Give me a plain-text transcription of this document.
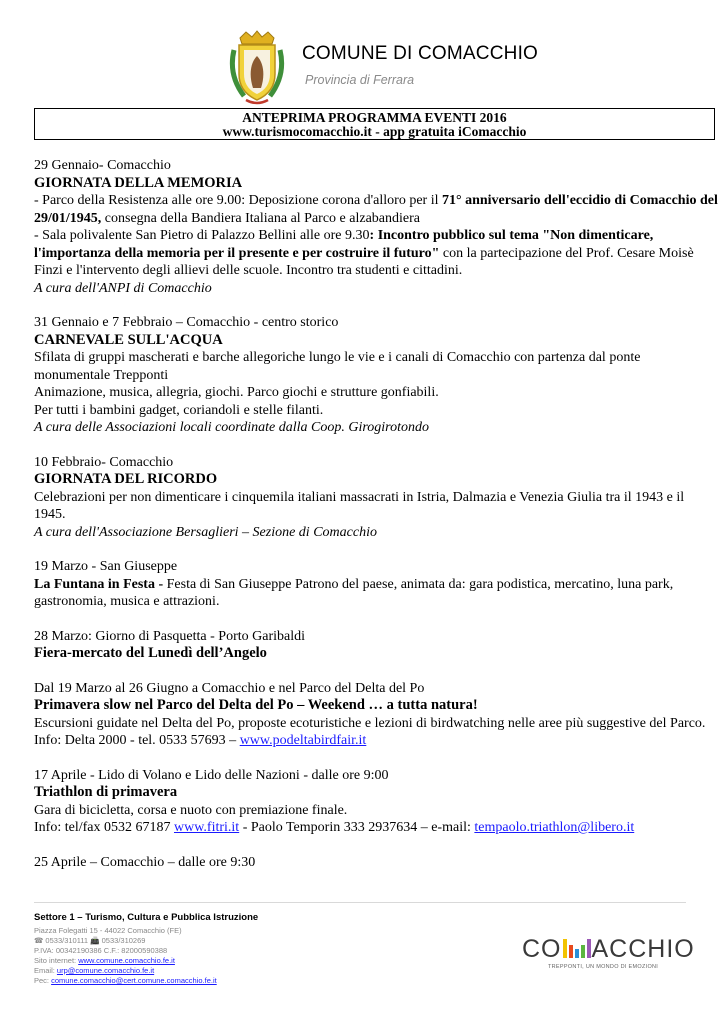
COMUNE DI COMACCHIO
Provincia di Ferrara
ANTEPRIMA PROGRAMMA EVENTI 2016
www.turismocomacchio.it - app gratuita iComacchio

29 Gennaio- Comacchio

GIORNATA DELLA MEMORIA

- Parco della Resistenza alle ore 9.00: Deposizione corona d'alloro per il 71° anniversario dell'eccidio di Comacchio del 29/01/1945, consegna della Bandiera Italiana al Parco e alzabandiera

- Sala polivalente San Pietro di Palazzo Bellini alle ore 9.30: Incontro pubblico sul tema "Non dimenticare, l'importanza della memoria per il presente e per costruire il futuro" con la partecipazione del Prof. Cesare Moisè Finzi e l'intervento degli allievi delle scuole. Incontro tra studenti e cittadini.

A cura dell'ANPI di Comacchio

31 Gennaio e 7 Febbraio – Comacchio - centro storico

CARNEVALE SULL'ACQUA

Sfilata di gruppi mascherati e barche allegoriche lungo le vie e i canali di Comacchio con partenza dal ponte monumentale Trepponti

Animazione, musica, allegria, giochi. Parco giochi e strutture gonfiabili.

Per tutti i bambini gadget, coriandoli e stelle filanti.

A cura delle Associazioni locali coordinate dalla Coop. Girogirotondo

10 Febbraio- Comacchio

GIORNATA DEL RICORDO

Celebrazioni per non dimenticare i cinquemila italiani massacrati in Istria, Dalmazia e Venezia Giulia tra il 1943 e il 1945.

A cura dell'Associazione Bersaglieri – Sezione di Comacchio

19 Marzo - San Giuseppe

La Funtana in Festa - Festa di San Giuseppe Patrono del paese, animata da: gara podistica, mercatino, luna park, gastronomia, musica e attrazioni.

28 Marzo: Giorno di Pasquetta - Porto Garibaldi

Fiera-mercato del Lunedì dell’Angelo

Dal 19 Marzo al 26 Giugno a Comacchio e nel Parco del Delta del Po

Primavera slow nel Parco del Delta del Po – Weekend … a tutta natura!

Escursioni guidate nel Delta del Po, proposte ecoturistiche e lezioni di birdwatching nelle aree più suggestive del Parco.

Info: Delta 2000 - tel. 0533 57693 – www.podeltabirdfair.it

17 Aprile - Lido di Volano e Lido delle Nazioni - dalle ore 9:00

Triathlon di primavera

Gara di bicicletta, corsa e nuoto con premiazione finale.

Info: tel/fax 0532 67187 www.fitri.it - Paolo Temporin 333 2937634 – e-mail: tempaolo.triathlon@libero.it

25 Aprile – Comacchio – dalle ore 9:30

Settore 1 – Turismo, Cultura e Pubblica Istruzione
Piazza Folegatti 15 - 44022 Comacchio (FE)
☎ 0533/310111 📠 0533/310269
P.IVA: 00342190386 C.F.: 82000590388
Sito internet: www.comune.comacchio.fe.it
Email: urp@comune.comacchio.fe.it
Pec: comune.comacchio@cert.comune.comacchio.fe.it
CO ACCHIO
TREPPONTI, UN MONDO DI EMOZIONI
